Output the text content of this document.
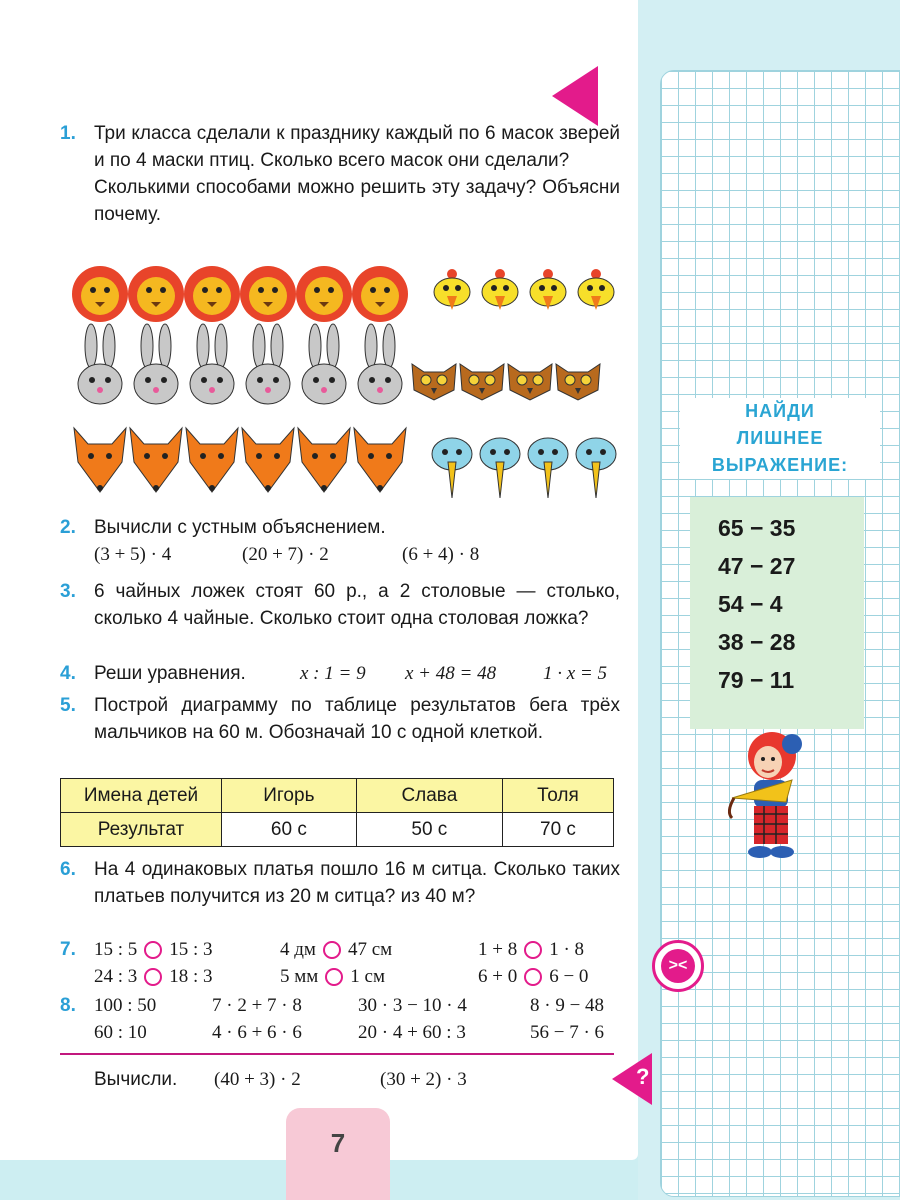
1. Три класса сделали к празднику каждый по 6 масок зверей и по 4 маски птиц. Сколько всего масок они сделали?
Сколькими способами можно решить эту задачу? Объясни почему.
2. Вычисли с устным объяснением.
(3 + 5) · 4	(20 + 7) · 2	(6 + 4) · 8
3. 6 чайных ложек стоят 60 р., а 2 столовые — столько, сколько 4 чайные. Сколько стоит одна столовая ложка?
4. Реши уравнения.	x : 1 = 9	x + 48 = 48	1 · x = 5
5. Построй диаграмму по таблице результатов бега трёх мальчиков на 60 м. Обозначай 10 с одной клеткой.
Имена детей	Игорь	Слава	Толя
Результат	60 с	50 с	70 с
6. На 4 одинаковых платья пошло 16 м ситца. Сколько таких платьев получится из 20 м ситца? из 40 м?
7. 15 : 5 15 : 3	4 дм 47 см	1 + 8 1 · 8
24 : 3 18 : 3	5 мм 1 см	6 + 0 6 − 0
8. 100 : 50	7 · 2 + 7 · 8	30 · 3 − 10 · 4	8 · 9 − 48
60 : 10	4 · 6 + 6 · 6	20 · 4 + 60 : 3	56 − 7 · 6
Вычисли.	(40 + 3) · 2	(30 + 2) · 3
7
НАЙДИ
ЛИШНЕЕ
ВЫРАЖЕНИЕ:
65 − 35
47 − 27
54 − 4
38 − 28
79 − 11
><
?
